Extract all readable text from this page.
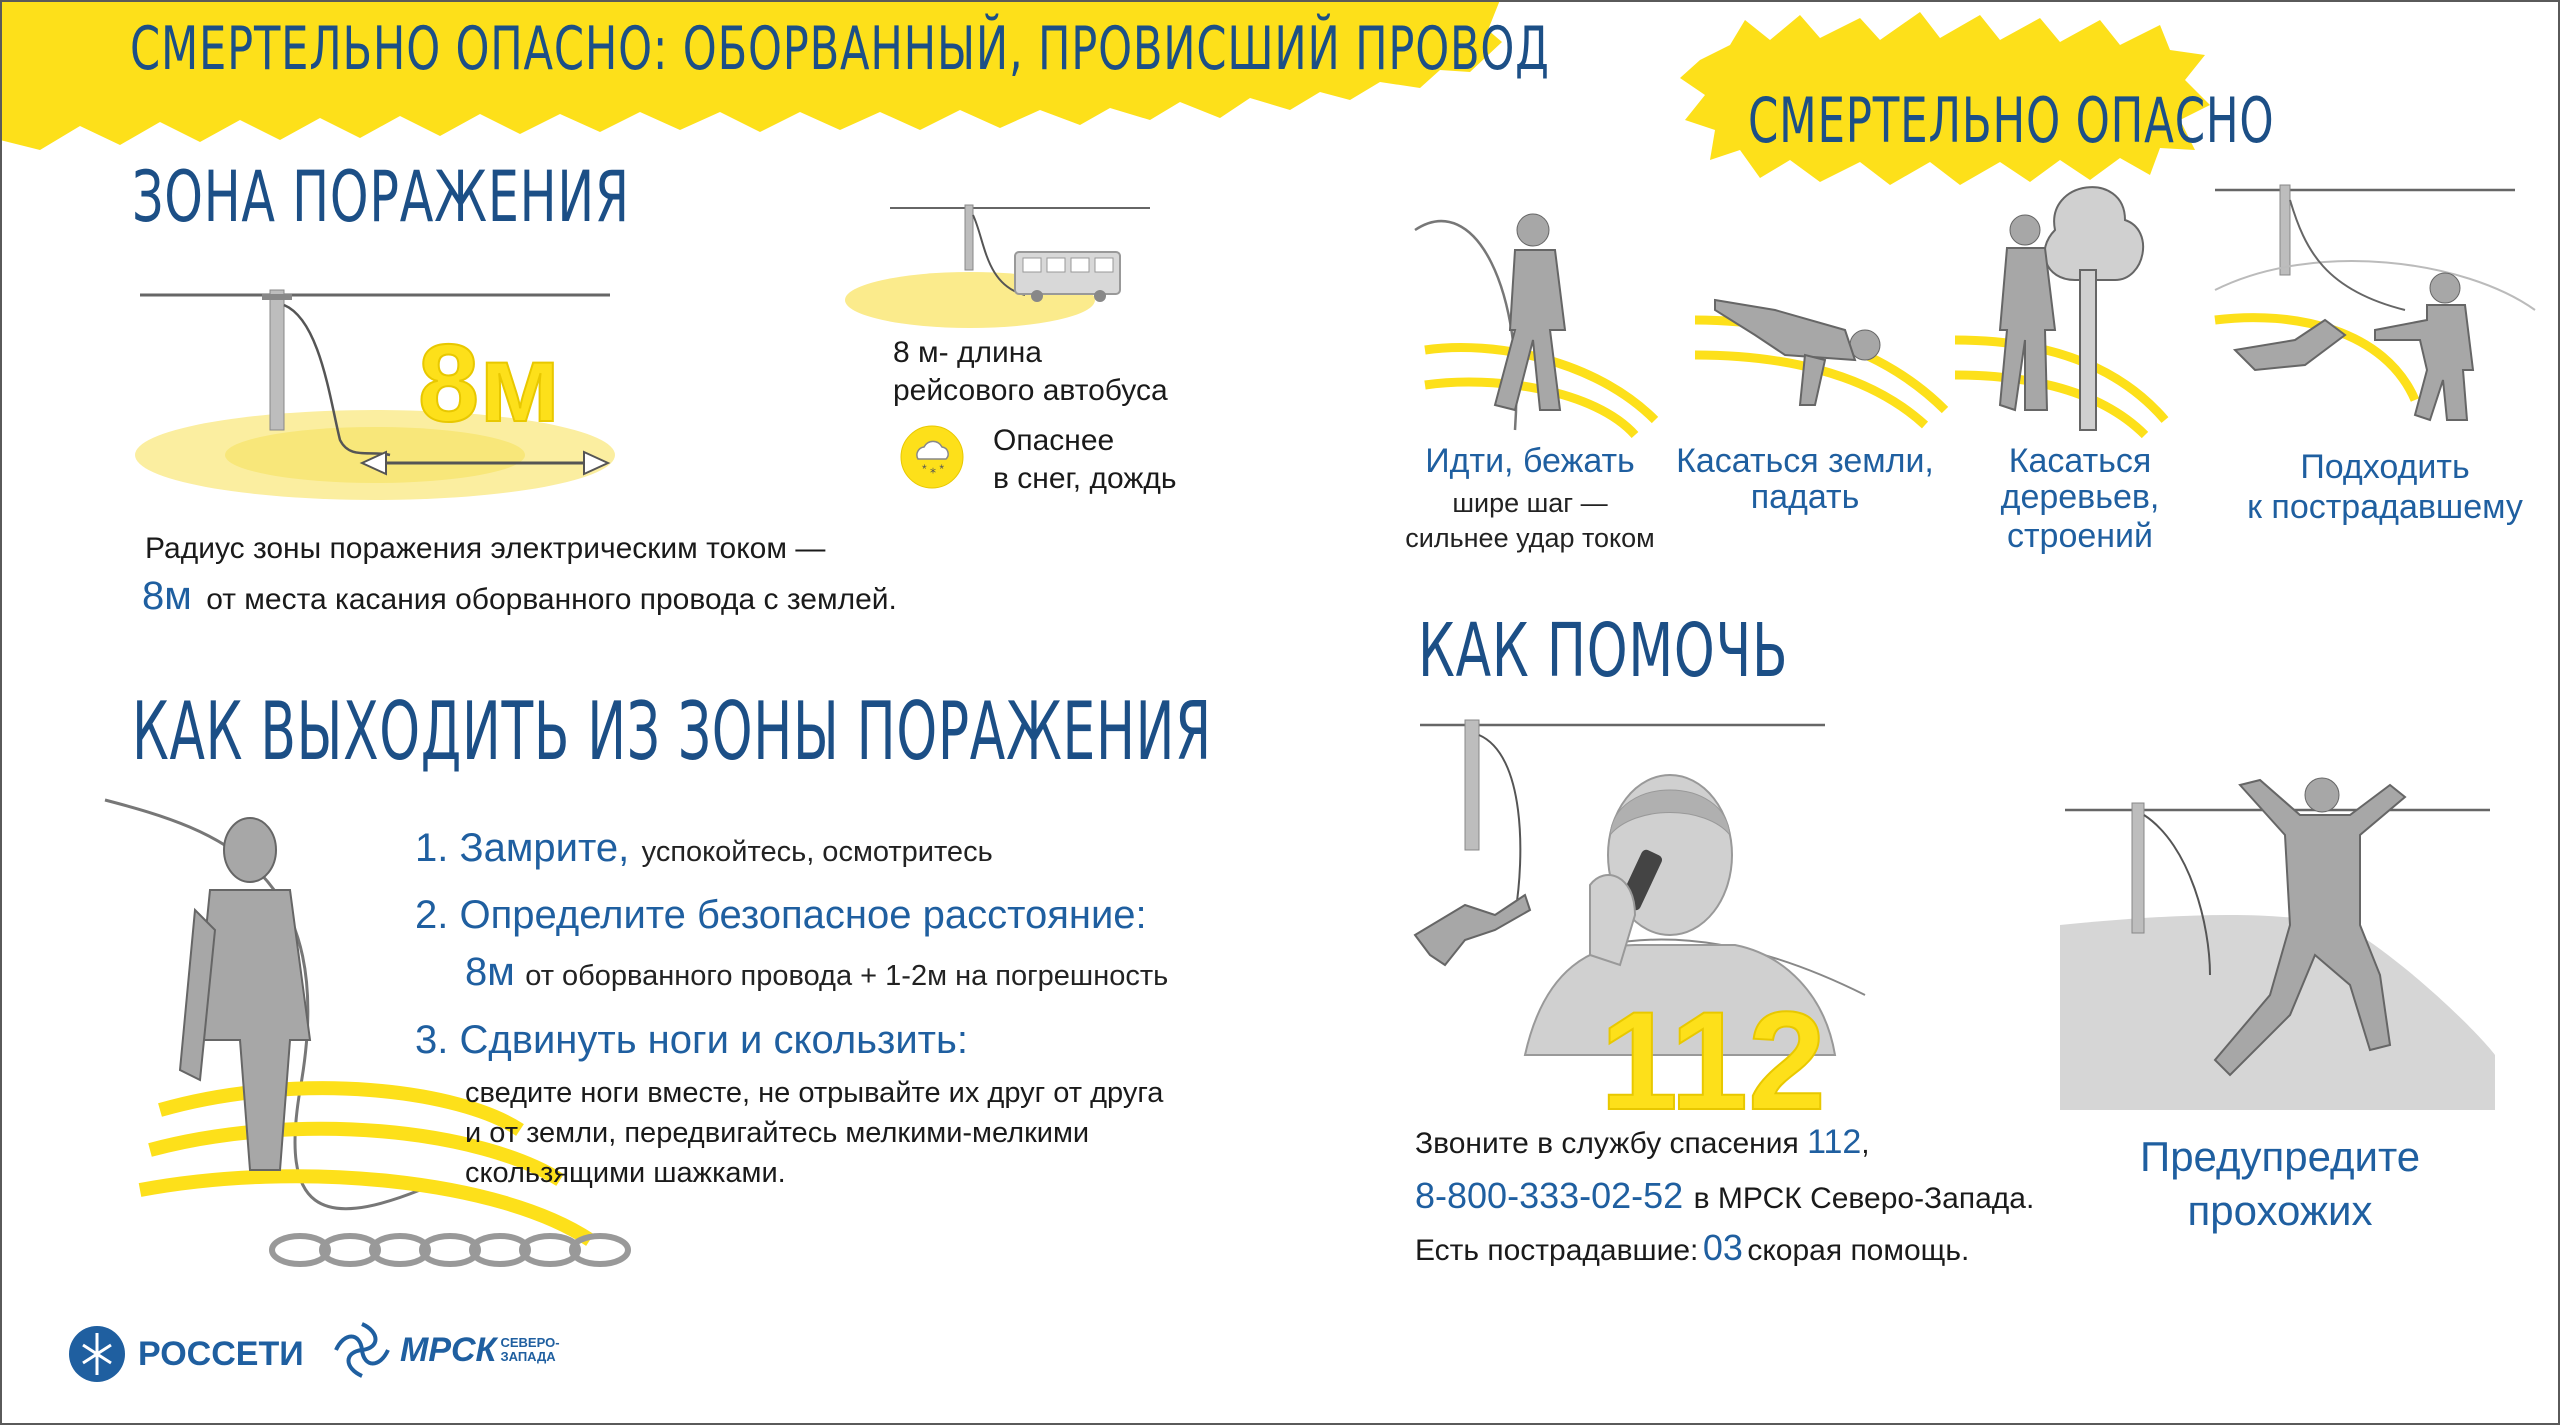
СМЕРТЕЛЬНО ОПАСНО: ОБОРВАННЫЙ, ПРОВИСШИЙ ПРОВОД
СМЕРТЕЛЬНО ОПАСНО
ЗОНА ПОРАЖЕНИЯ
8м	8 м- длина
рейсового автобуса
* ⁎ *
Опаснее
в снег, дождь
Радиус зоны поражения электрическим током —
8м от места касания оборванного провода с землей.
КАК ВЫХОДИТЬ ИЗ ЗОНЫ ПОРАЖЕНИЯ
1. Замрите, успокойтесь, осмотритесь
2. Определите безопасное расстояние:
8м от оборванного провода + 1-2м на погрешность
3. Сдвинуть ноги и скользить:
сведите ноги вместе, не отрывайте их друг от друга
и от земли, передвигайтесь мелкими-мелкими
скользящими шажками.
Идти, бежать
шире шаг —
сильнее удар током
Касаться земли,
падать
Касаться деревьев,
строений
Подходить
к пострадавшему
КАК ПОМОЧЬ
112
Звоните в службу спасения 112,
8-800-333-02-52 в МРСК Северо-Запада.
Есть пострадавшие: 03 скорая помощь.
Предупредите
прохожих
РОССЕТИ	МРСК СЕВЕРО-
ЗАПАДА
